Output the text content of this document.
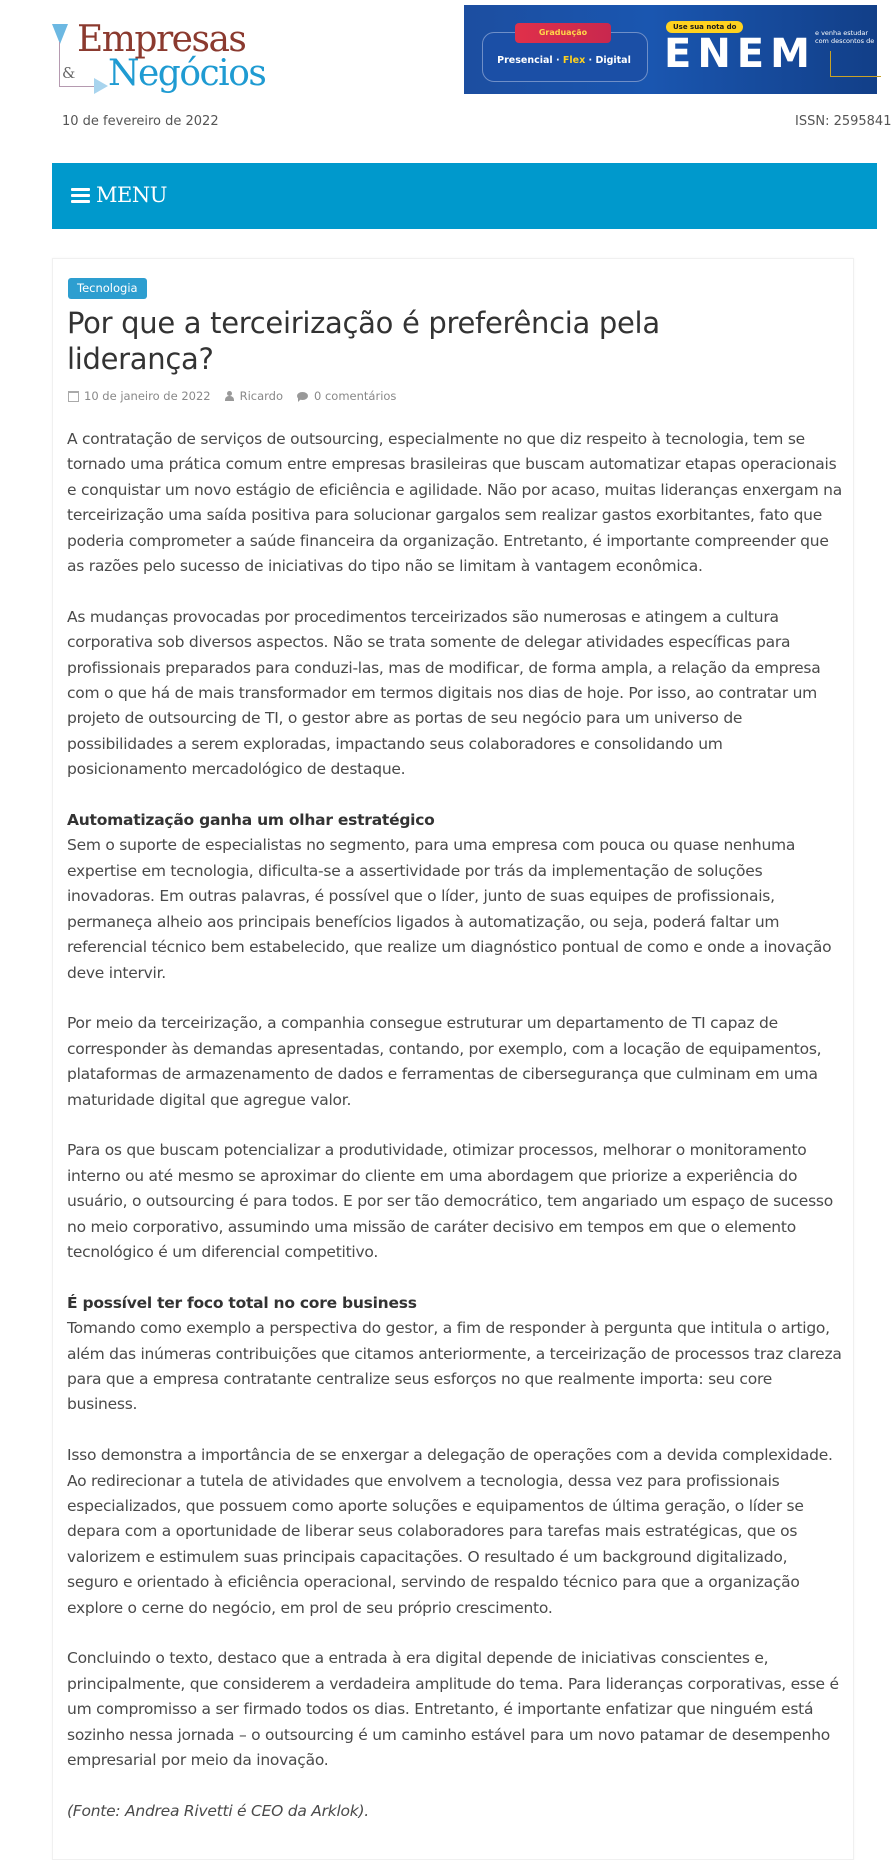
Empresas
& Negócios
Graduação
Presencial · Flex · Digital
Use sua nota do
ENEM e venha estudar
com descontos de
10 de fevereiro de 2022	ISSN: 2595841
MENU
Tecnologia
Por que a terceirização é preferência pela liderança?
10 de janeiro de 2022	Ricardo	0 comentários

A contratação de serviços de outsourcing, especialmente no que diz respeito à tecnologia, tem se tornado uma prática comum entre empresas brasileiras que buscam automatizar etapas operacionais e conquistar um novo estágio de eficiência e agilidade. Não por acaso, muitas lideranças enxergam na terceirização uma saída positiva para solucionar gargalos sem realizar gastos exorbitantes, fato que poderia comprometer a saúde financeira da organização. Entretanto, é importante compreender que as razões pelo sucesso de iniciativas do tipo não se limitam à vantagem econômica.

As mudanças provocadas por procedimentos terceirizados são numerosas e atingem a cultura corporativa sob diversos aspectos. Não se trata somente de delegar atividades específicas para profissionais preparados para conduzi-las, mas de modificar, de forma ampla, a relação da empresa com o que há de mais transformador em termos digitais nos dias de hoje. Por isso, ao contratar um projeto de outsourcing de TI, o gestor abre as portas de seu negócio para um universo de possibilidades a serem exploradas, impactando seus colaboradores e consolidando um posicionamento mercadológico de destaque.

Automatização ganha um olhar estratégico
Sem o suporte de especialistas no segmento, para uma empresa com pouca ou quase nenhuma expertise em tecnologia, dificulta-se a assertividade por trás da implementação de soluções inovadoras. Em outras palavras, é possível que o líder, junto de suas equipes de profissionais, permaneça alheio aos principais benefícios ligados à automatização, ou seja, poderá faltar um referencial técnico bem estabelecido, que realize um diagnóstico pontual de como e onde a inovação deve intervir.

Por meio da terceirização, a companhia consegue estruturar um departamento de TI capaz de corresponder às demandas apresentadas, contando, por exemplo, com a locação de equipamentos, plataformas de armazenamento de dados e ferramentas de cibersegurança que culminam em uma maturidade digital que agregue valor.

Para os que buscam potencializar a produtividade, otimizar processos, melhorar o monitoramento interno ou até mesmo se aproximar do cliente em uma abordagem que priorize a experiência do usuário, o outsourcing é para todos. E por ser tão democrático, tem angariado um espaço de sucesso no meio corporativo, assumindo uma missão de caráter decisivo em tempos em que o elemento tecnológico é um diferencial competitivo.

É possível ter foco total no core business
Tomando como exemplo a perspectiva do gestor, a fim de responder à pergunta que intitula o artigo, além das inúmeras contribuições que citamos anteriormente, a terceirização de processos traz clareza para que a empresa contratante centralize seus esforços no que realmente importa: seu core business.

Isso demonstra a importância de se enxergar a delegação de operações com a devida complexidade. Ao redirecionar a tutela de atividades que envolvem a tecnologia, dessa vez para profissionais especializados, que possuem como aporte soluções e equipamentos de última geração, o líder se depara com a oportunidade de liberar seus colaboradores para tarefas mais estratégicas, que os valorizem e estimulem suas principais capacitações. O resultado é um background digitalizado, seguro e orientado à eficiência operacional, servindo de respaldo técnico para que a organização explore o cerne do negócio, em prol de seu próprio crescimento.

Concluindo o texto, destaco que a entrada à era digital depende de iniciativas conscientes e, principalmente, que considerem a verdadeira amplitude do tema. Para lideranças corporativas, esse é um compromisso a ser firmado todos os dias. Entretanto, é importante enfatizar que ninguém está sozinho nessa jornada – o outsourcing é um caminho estável para um novo patamar de desempenho empresarial por meio da inovação.

(Fonte: Andrea Rivetti é CEO da Arklok).
